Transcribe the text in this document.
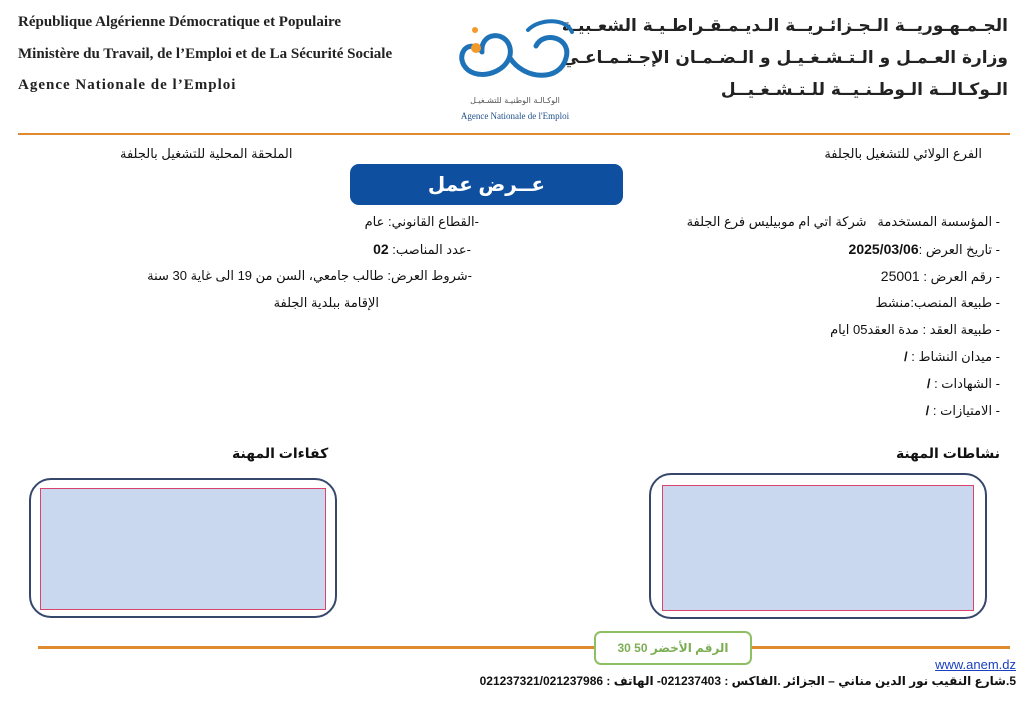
République Algérienne Démocratique et Populaire
Ministère du Travail, de l’Emploi et de La Sécurité Sociale
Agence Nationale de l’Emploi
الجـمـهـوريــة الـجـزائـريــة الـديـمـقـراطـيـة الشعـبيـة
وزارة العـمـل و الـتـشـغـيـل و الـضـمـان الإجـتـمـاعـي
الـوكـالــة الـوطـنـيــة للـتـشـغـيــل
الوكـالـة الوطنيـة للتشـغيـل
Agence Nationale de l'Emploi
الفرع الولائي للتشغيل بالجلفة
الملحقة المحلية للتشغيل بالجلفة
عــرض عمل
- المؤسسة المستخدمة   شركة اتي ام موبيليس فرع الجلفة
- تاريخ العرض :2025/03/06
- رقم العرض : 25001
- طبيعة المنصب:منشط
- طبيعة العقد : مدة العقد05 ايام
- ميدان النشاط : /
- الشهادات : /
- الامتيازات : /
-القطاع القانوني: عام
-عدد المناصب: 02
-شروط العرض: طالب جامعي، السن من 19 الى غاية 30 سنة
الإقامة ببلدية الجلفة
نشاطات المهنة
كفاءات المهنة
الرقم الأخضر 50 30
www.anem.dz
5.شارع النقيب نور الدين مناني – الجزائر .الفاكس : 021237403- الهاتف : 021237321/021237986
